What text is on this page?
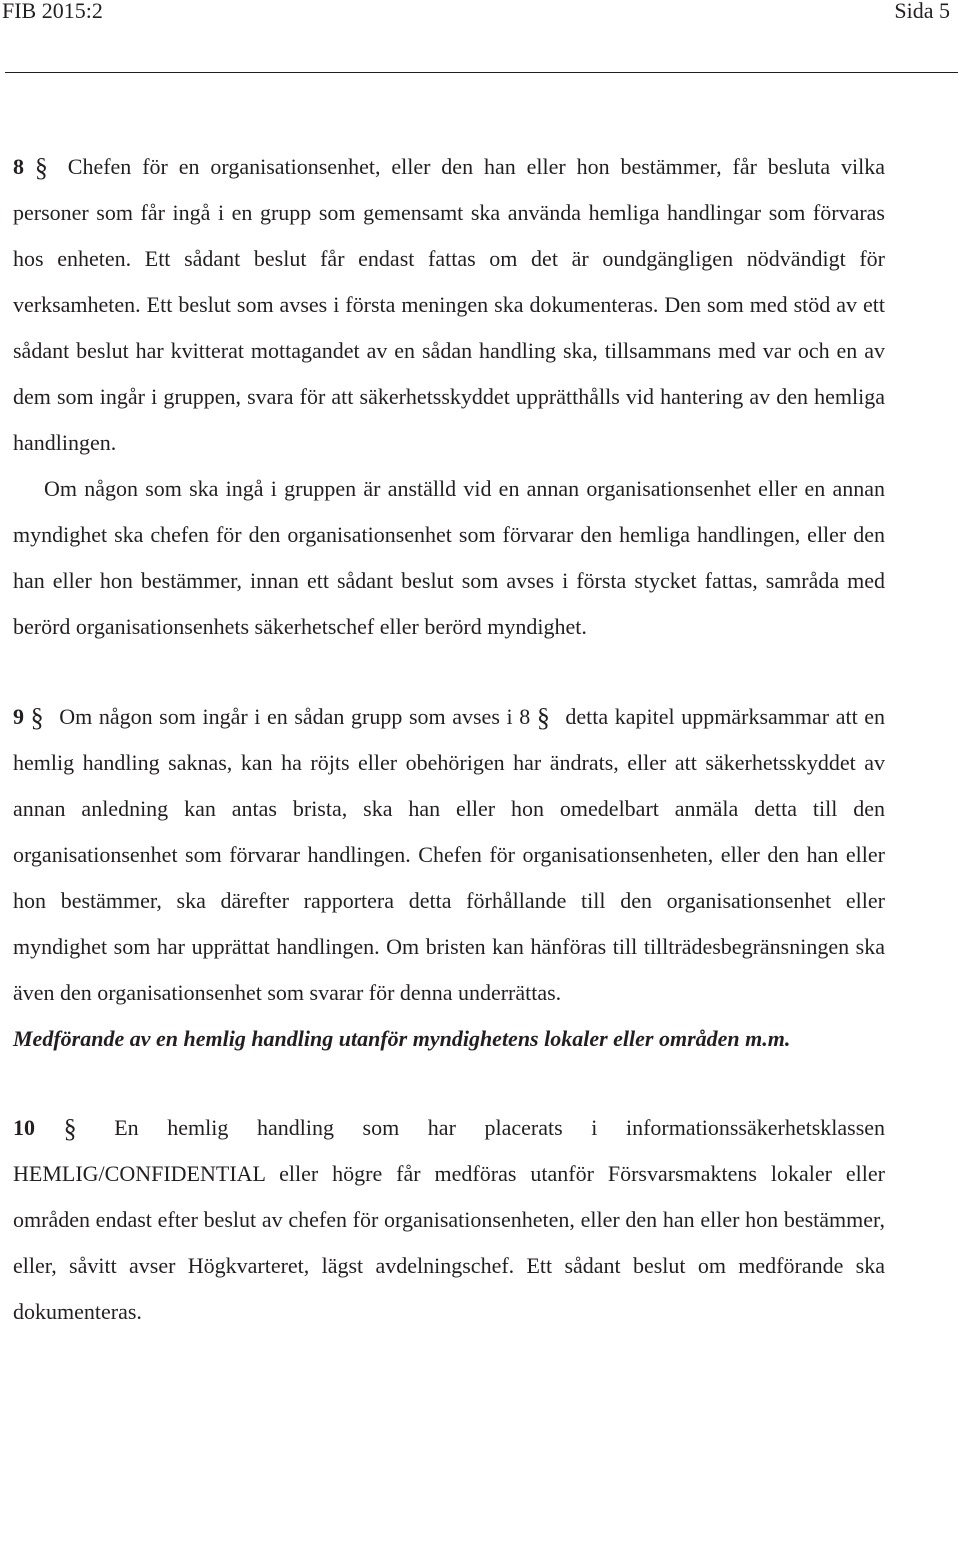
FIB 2015:2	Sida 5

8 § Chefen för en organisationsenhet, eller den han eller hon bestämmer, får besluta vilka personer som får ingå i en grupp som gemensamt ska använda hemliga handlingar som förvaras hos enheten. Ett sådant beslut får endast fattas om det är oundgängligen nödvändigt för verksamheten. Ett beslut som avses i första meningen ska dokumenteras. Den som med stöd av ett sådant beslut har kvitterat mottagandet av en sådan handling ska, tillsammans med var och en av dem som ingår i gruppen, svara för att säkerhetsskyddet upprätthålls vid hantering av den hemliga handlingen.

Om någon som ska ingå i gruppen är anställd vid en annan organisationsenhet eller en annan myndighet ska chefen för den organisationsenhet som förvarar den hemliga handlingen, eller den han eller hon bestämmer, innan ett sådant beslut som avses i första stycket fattas, samråda med berörd organisationsenhets säkerhetschef eller berörd myndighet.

9 § Om någon som ingår i en sådan grupp som avses i 8 § detta kapitel uppmärksammar att en hemlig handling saknas, kan ha röjts eller obehörigen har ändrats, eller att säkerhetsskyddet av annan anledning kan antas brista, ska han eller hon omedelbart anmäla detta till den organisationsenhet som förvarar handlingen. Chefen för organisationsenheten, eller den han eller hon bestämmer, ska därefter rapportera detta förhållande till den organisationsenhet eller myndighet som har upprättat handlingen. Om bristen kan hänföras till tillträdesbegränsningen ska även den organisationsenhet som svarar för denna underrättas.

Medförande av en hemlig handling utanför myndighetens lokaler eller områden m.m.

10 § En hemlig handling som har placerats i informationssäkerhetsklassen HEMLIG/CONFIDENTIAL eller högre får medföras utanför Försvarsmaktens lokaler eller områden endast efter beslut av chefen för organisationsenheten, eller den han eller hon bestämmer, eller, såvitt avser Högkvarteret, lägst avdelningschef. Ett sådant beslut om medförande ska dokumenteras.
